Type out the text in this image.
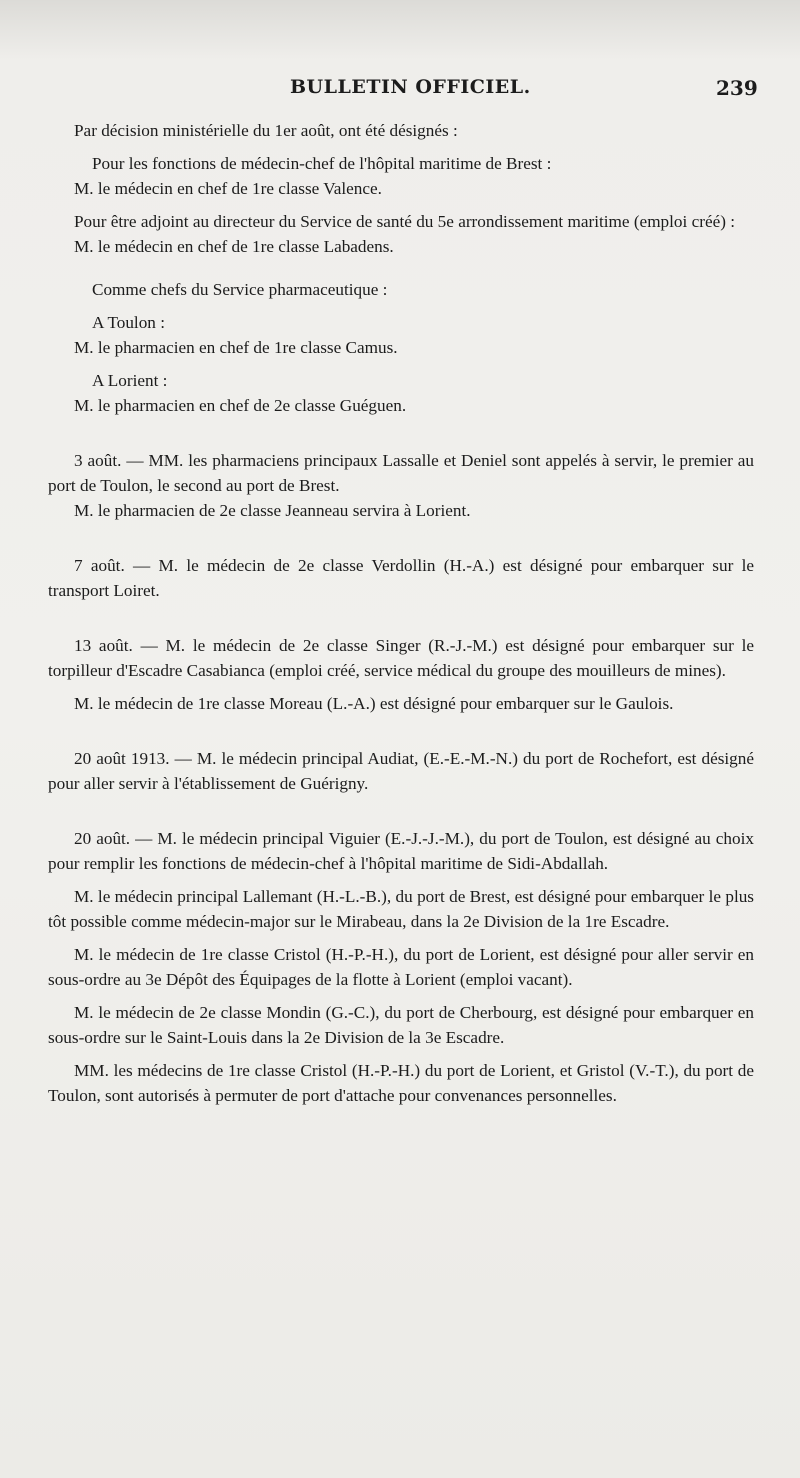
BULLETIN OFFICIEL.	239

Par décision ministérielle du 1er août, ont été désignés :

Pour les fonctions de médecin-chef de l'hôpital maritime de Brest :

M. le médecin en chef de 1re classe Valence.

Pour être adjoint au directeur du Service de santé du 5e arrondissement maritime (emploi créé) :

M. le médecin en chef de 1re classe Labadens.

Comme chefs du Service pharmaceutique :

A Toulon :

M. le pharmacien en chef de 1re classe Camus.

A Lorient :

M. le pharmacien en chef de 2e classe Guéguen.

3 août. — MM. les pharmaciens principaux Lassalle et Deniel sont appelés à servir, le premier au port de Toulon, le second au port de Brest.

M. le pharmacien de 2e classe Jeanneau servira à Lorient.

7 août. — M. le médecin de 2e classe Verdollin (H.-A.) est désigné pour embarquer sur le transport Loiret.

13 août. — M. le médecin de 2e classe Singer (R.-J.-M.) est désigné pour embarquer sur le torpilleur d'Escadre Casabianca (emploi créé, service médical du groupe des mouilleurs de mines).

M. le médecin de 1re classe Moreau (L.-A.) est désigné pour embarquer sur le Gaulois.

20 août 1913. — M. le médecin principal Audiat, (E.-E.-M.-N.) du port de Rochefort, est désigné pour aller servir à l'établissement de Guérigny.

20 août. — M. le médecin principal Viguier (E.-J.-J.-M.), du port de Toulon, est désigné au choix pour remplir les fonctions de médecin-chef à l'hôpital maritime de Sidi-Abdallah.

M. le médecin principal Lallemant (H.-L.-B.), du port de Brest, est désigné pour embarquer le plus tôt possible comme médecin-major sur le Mirabeau, dans la 2e Division de la 1re Escadre.

M. le médecin de 1re classe Cristol (H.-P.-H.), du port de Lorient, est désigné pour aller servir en sous-ordre au 3e Dépôt des Équipages de la flotte à Lorient (emploi vacant).

M. le médecin de 2e classe Mondin (G.-C.), du port de Cherbourg, est désigné pour embarquer en sous-ordre sur le Saint-Louis dans la 2e Division de la 3e Escadre.

MM. les médecins de 1re classe Cristol (H.-P.-H.) du port de Lorient, et Gristol (V.-T.), du port de Toulon, sont autorisés à permuter de port d'attache pour convenances personnelles.
